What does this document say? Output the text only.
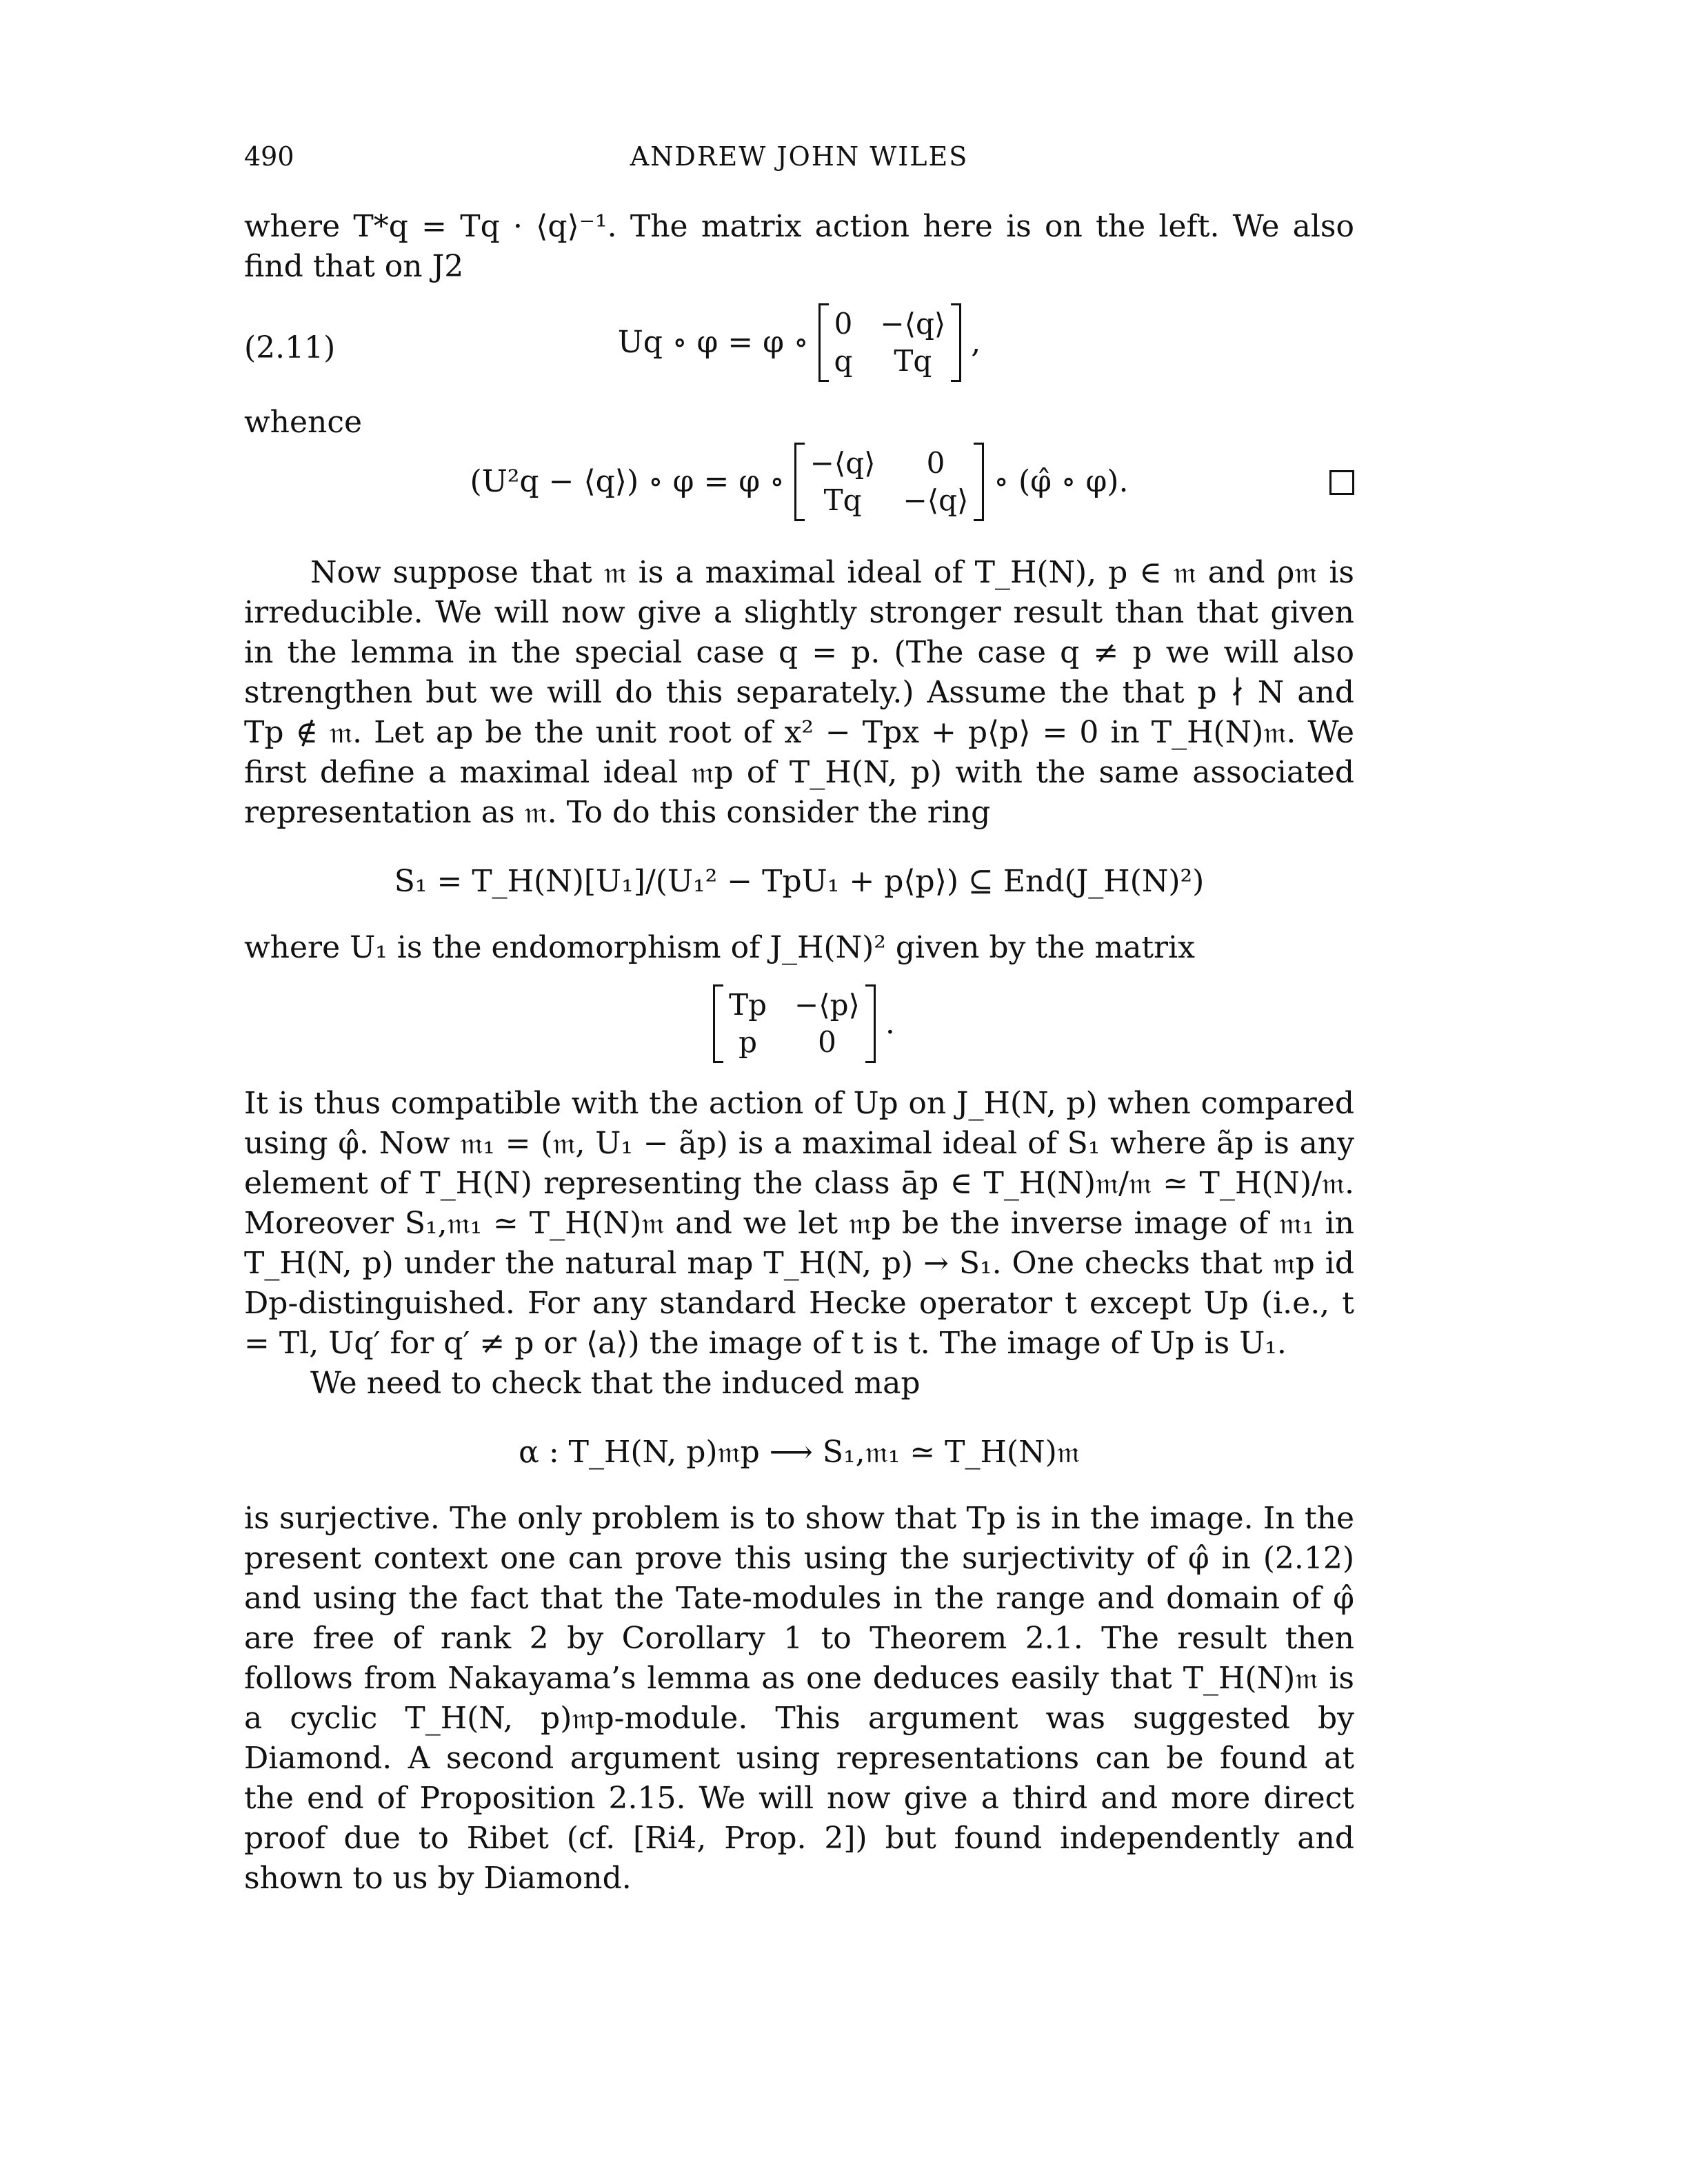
490	ANDREW JOHN WILES

where T*q = Tq · ⟨q⟩⁻¹. The matrix action here is on the left. We also find that on J2

(2.11)	Uq ∘ φ = φ ∘
0 −⟨q⟩
q	Tq
,

whence

(U²q − ⟨q⟩) ∘ φ = φ ∘
−⟨q⟩	0
Tq	−⟨q⟩
∘ (φ̂ ∘ φ).

Now suppose that 𝔪 is a maximal ideal of T_H(N), p ∈ 𝔪 and ρ𝔪 is irreducible. We will now give a slightly stronger result than that given in the lemma in the special case q = p. (The case q ≠ p we will also strengthen but we will do this separately.) Assume the that p ∤ N and Tp ∉ 𝔪. Let ap be the unit root of x² − Tpx + p⟨p⟩ = 0 in T_H(N)𝔪. We first define a maximal ideal 𝔪p of T_H(N, p) with the same associated representation as 𝔪. To do this consider the ring

S₁ = T_H(N)[U₁]/(U₁² − TpU₁ + p⟨p⟩) ⊆ End(J_H(N)²)

where U₁ is the endomorphism of J_H(N)² given by the matrix

Tp −⟨p⟩
p	0
.

It is thus compatible with the action of Up on J_H(N, p) when compared using φ̂. Now 𝔪₁ = (𝔪, U₁ − ãp) is a maximal ideal of S₁ where ãp is any element of T_H(N) representing the class āp ∈ T_H(N)𝔪/𝔪 ≃ T_H(N)/𝔪. Moreover S₁,𝔪₁ ≃ T_H(N)𝔪 and we let 𝔪p be the inverse image of 𝔪₁ in T_H(N, p) under the natural map T_H(N, p) → S₁. One checks that 𝔪p id Dp-distinguished. For any standard Hecke operator t except Up (i.e., t = Tl, Uq′ for q′ ≠ p or ⟨a⟩) the image of t is t. The image of Up is U₁.

We need to check that the induced map

α : T_H(N, p)𝔪p ⟶ S₁,𝔪₁ ≃ T_H(N)𝔪

is surjective. The only problem is to show that Tp is in the image. In the present context one can prove this using the surjectivity of φ̂ in (2.12) and using the fact that the Tate-modules in the range and domain of φ̂ are free of rank 2 by Corollary 1 to Theorem 2.1. The result then follows from Nakayama’s lemma as one deduces easily that T_H(N)𝔪 is a cyclic T_H(N, p)𝔪p-module. This argument was suggested by Diamond. A second argument using representations can be found at the end of Proposition 2.15. We will now give a third and more direct proof due to Ribet (cf. [Ri4, Prop. 2]) but found independently and shown to us by Diamond.
